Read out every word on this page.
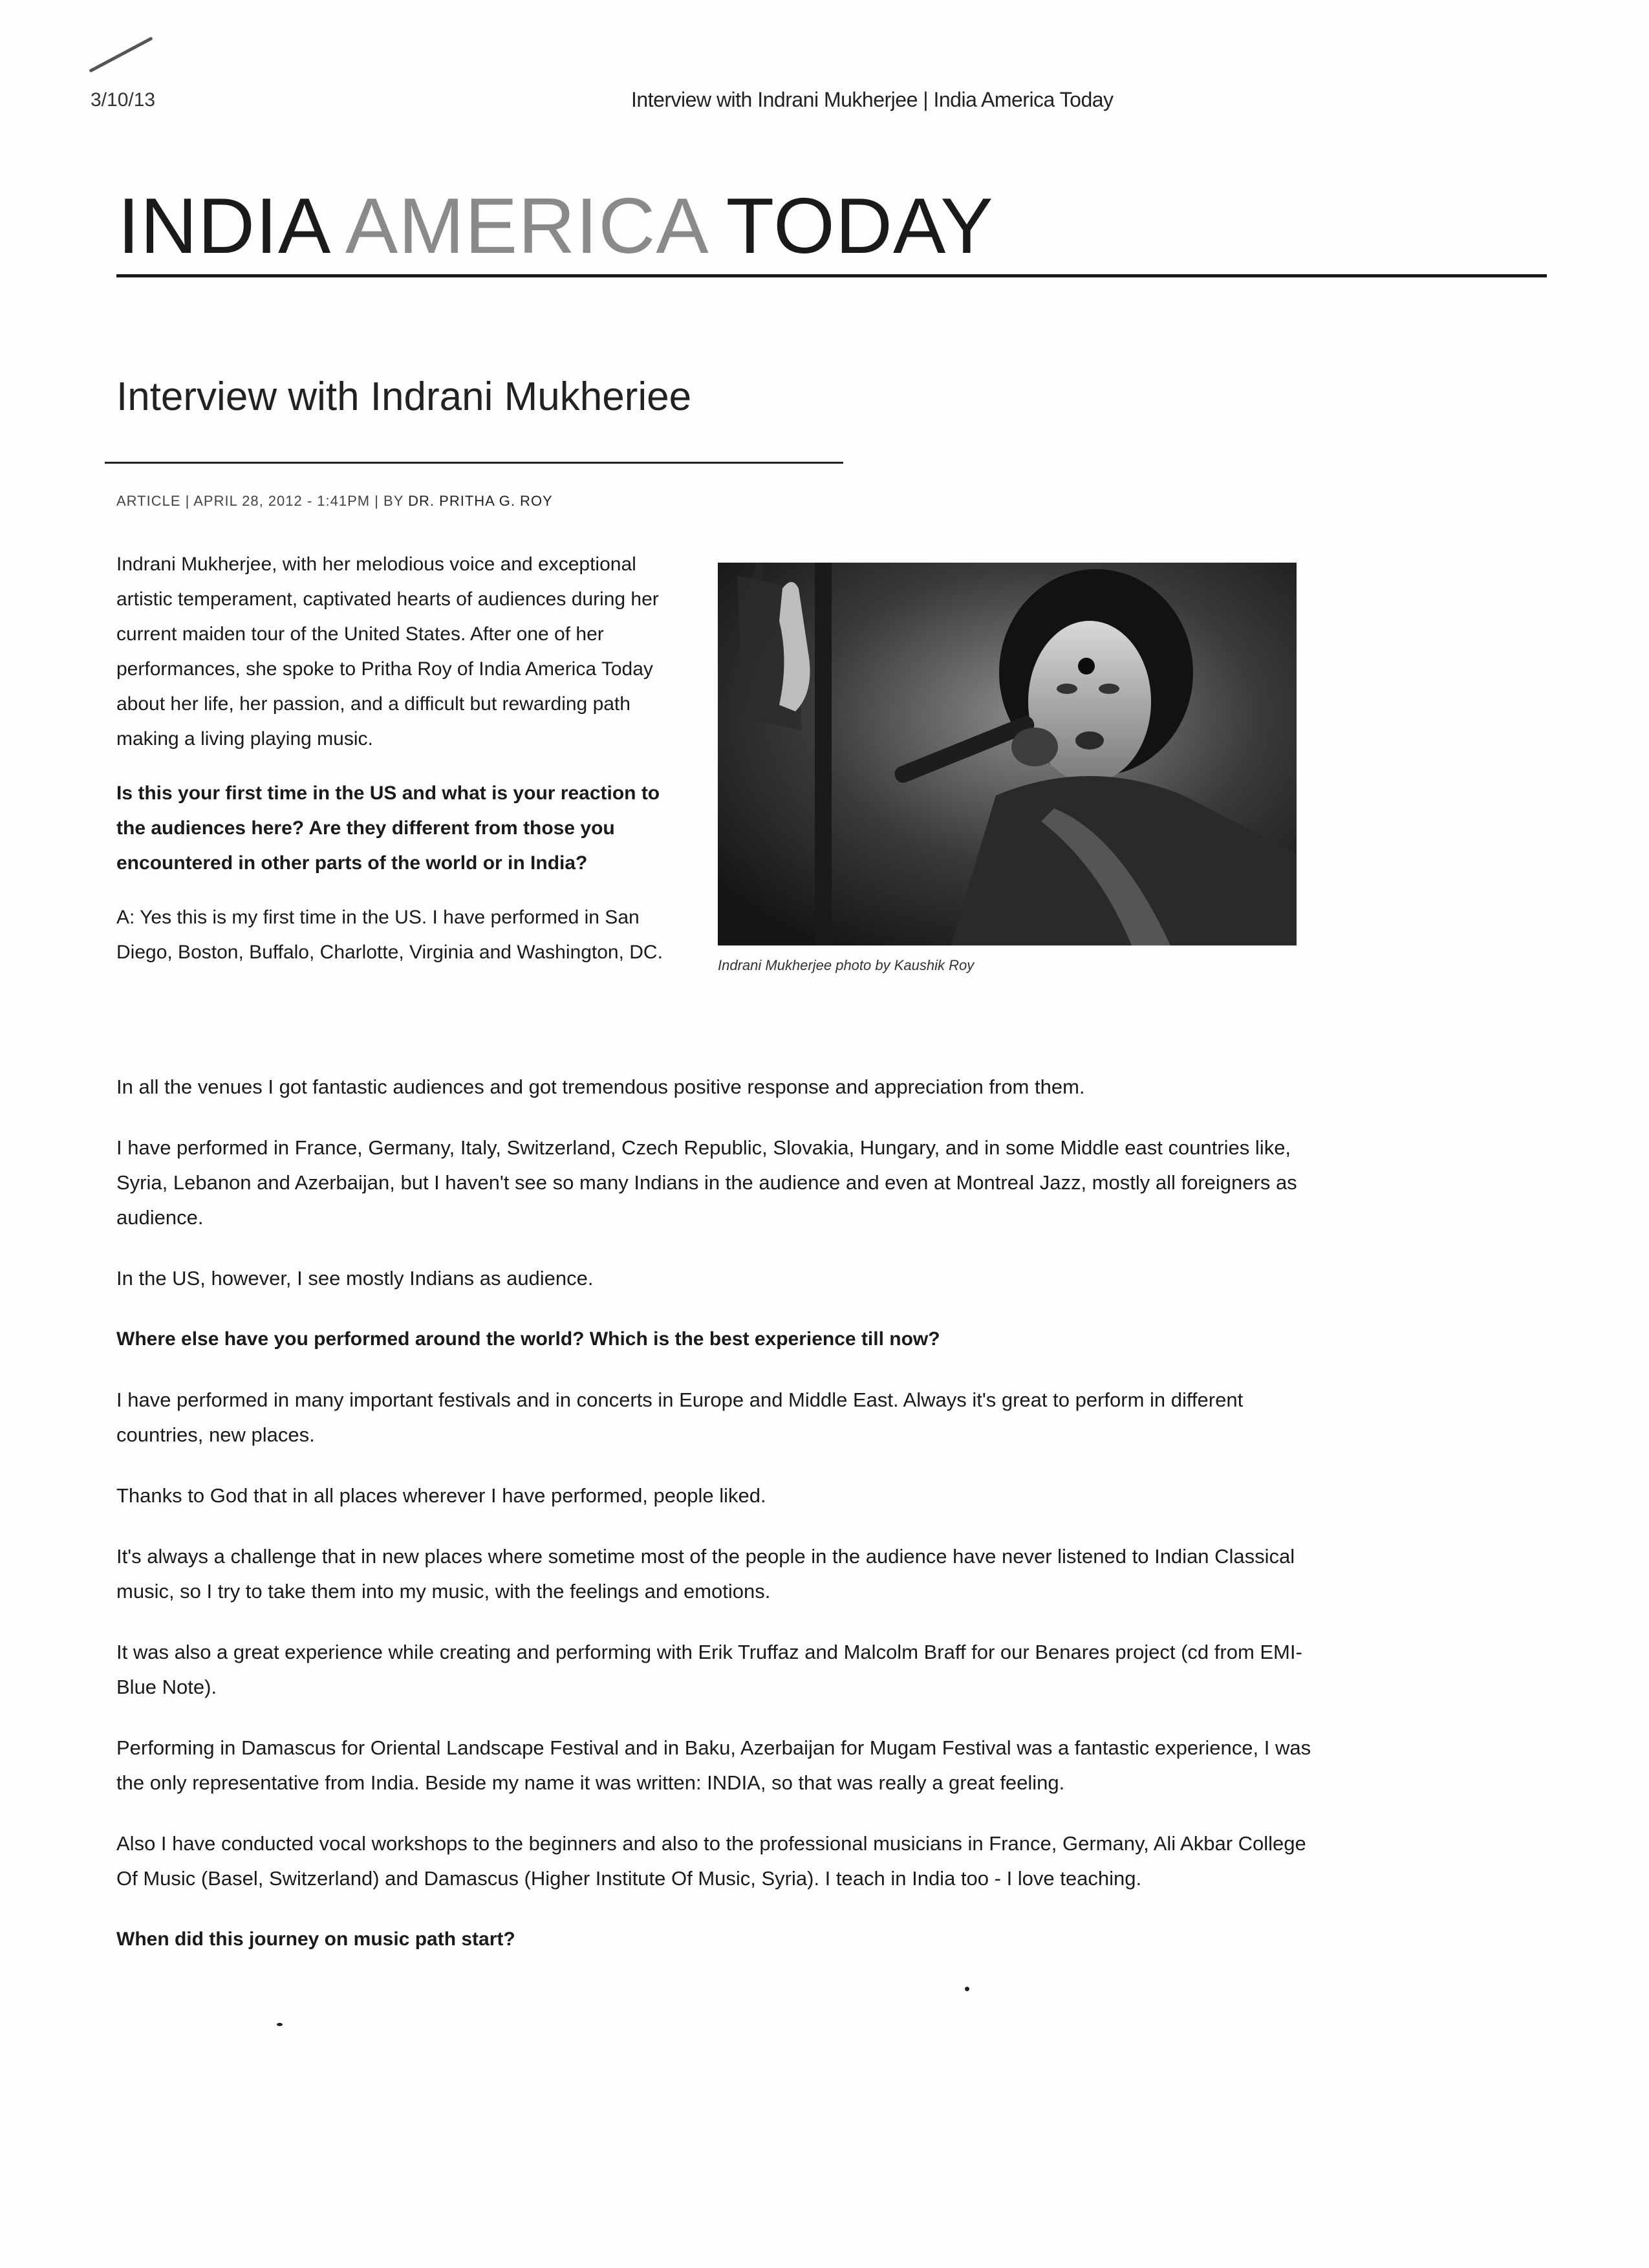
3/10/13	Interview with Indrani Mukherjee | India America Today
INDIA AMERICA TODAY
Interview with Indrani Mukheriee
ARTICLE | APRIL 28, 2012 - 1:41PM | BY DR. PRITHA G. ROY

Indrani Mukherjee, with her melodious voice and exceptional artistic temperament, captivated hearts of audiences during her current maiden tour of the United States. After one of her performances, she spoke to Pritha Roy of India America Today about her life, her passion, and a difficult but rewarding path making a living playing music.

Is this your first time in the US and what is your reaction to the audiences here? Are they different from those you encountered in other parts of the world or in India?

A: Yes this is my first time in the US. I have performed in San Diego, Boston, Buffalo, Charlotte, Virginia and Washington, DC.

Indrani Mukherjee photo by Kaushik Roy

In all the venues I got fantastic audiences and got tremendous positive response and appreciation from them.

I have performed in France, Germany, Italy, Switzerland, Czech Republic, Slovakia, Hungary, and in some Middle east countries like, Syria, Lebanon and Azerbaijan, but I haven't see so many Indians in the audience and even at Montreal Jazz, mostly all foreigners as audience.

In the US, however, I see mostly Indians as audience.

Where else have you performed around the world? Which is the best experience till now?

I have performed in many important festivals and in concerts in Europe and Middle East. Always it's great to perform in different countries, new places.

Thanks to God that in all places wherever I have performed, people liked.

It's always a challenge that in new places where sometime most of the people in the audience have never listened to Indian Classical music, so I try to take them into my music, with the feelings and emotions.

It was also a great experience while creating and performing with Erik Truffaz and Malcolm Braff for our Benares project (cd from EMI-Blue Note).

Performing in Damascus for Oriental Landscape Festival and in Baku, Azerbaijan for Mugam Festival was a fantastic experience, I was the only representative from India. Beside my name it was written: INDIA, so that was really a great feeling.

Also I have conducted vocal workshops to the beginners and also to the professional musicians in France, Germany, Ali Akbar College Of Music (Basel, Switzerland) and Damascus (Higher Institute Of Music, Syria). I teach in India too - I love teaching.

When did this journey on music path start?
